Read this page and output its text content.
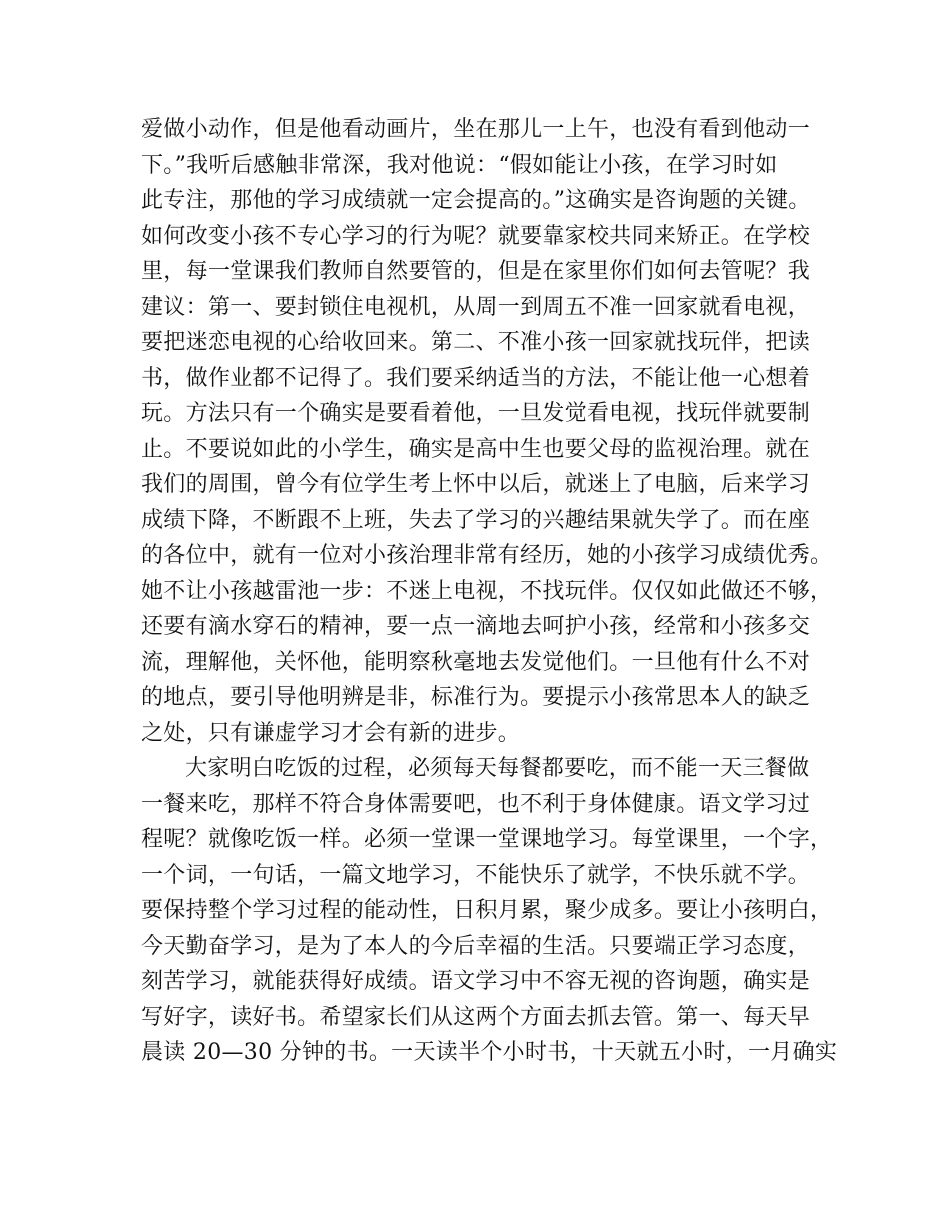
爱做小动作，但是他看动画片，坐在那儿一上午，也没有看到他动一
下。”我听后感触非常深，我对他说：“假如能让小孩，在学习时如
此专注，那他的学习成绩就一定会提高的。”这确实是咨询题的关键。
如何改变小孩不专心学习的行为呢？就要靠家校共同来矫正。在学校
里，每一堂课我们教师自然要管的，但是在家里你们如何去管呢？我
建议：第一、要封锁住电视机，从周一到周五不准一回家就看电视，
要把迷恋电视的心给收回来。第二、不准小孩一回家就找玩伴，把读
书，做作业都不记得了。我们要采纳适当的方法，不能让他一心想着
玩。方法只有一个确实是要看着他，一旦发觉看电视，找玩伴就要制
止。不要说如此的小学生，确实是高中生也要父母的监视治理。就在
我们的周围，曾今有位学生考上怀中以后，就迷上了电脑，后来学习
成绩下降，不断跟不上班，失去了学习的兴趣结果就失学了。而在座
的各位中，就有一位对小孩治理非常有经历，她的小孩学习成绩优秀。
她不让小孩越雷池一步：不迷上电视，不找玩伴。仅仅如此做还不够，
还要有滴水穿石的精神，要一点一滴地去呵护小孩，经常和小孩多交
流，理解他，关怀他，能明察秋毫地去发觉他们。一旦他有什么不对
的地点，要引导他明辨是非，标准行为。要提示小孩常思本人的缺乏
之处，只有谦虚学习才会有新的进步。
大家明白吃饭的过程，必须每天每餐都要吃，而不能一天三餐做
一餐来吃，那样不符合身体需要吧，也不利于身体健康。语文学习过
程呢？就像吃饭一样。必须一堂课一堂课地学习。每堂课里，一个字，
一个词，一句话，一篇文地学习，不能快乐了就学，不快乐就不学。
要保持整个学习过程的能动性，日积月累，聚少成多。要让小孩明白，
今天勤奋学习，是为了本人的今后幸福的生活。只要端正学习态度，
刻苦学习，就能获得好成绩。语文学习中不容无视的咨询题，确实是
写好字，读好书。希望家长们从这两个方面去抓去管。第一、每天早
晨读 20—30 分钟的书。一天读半个小时书，十天就五小时，一月确实
